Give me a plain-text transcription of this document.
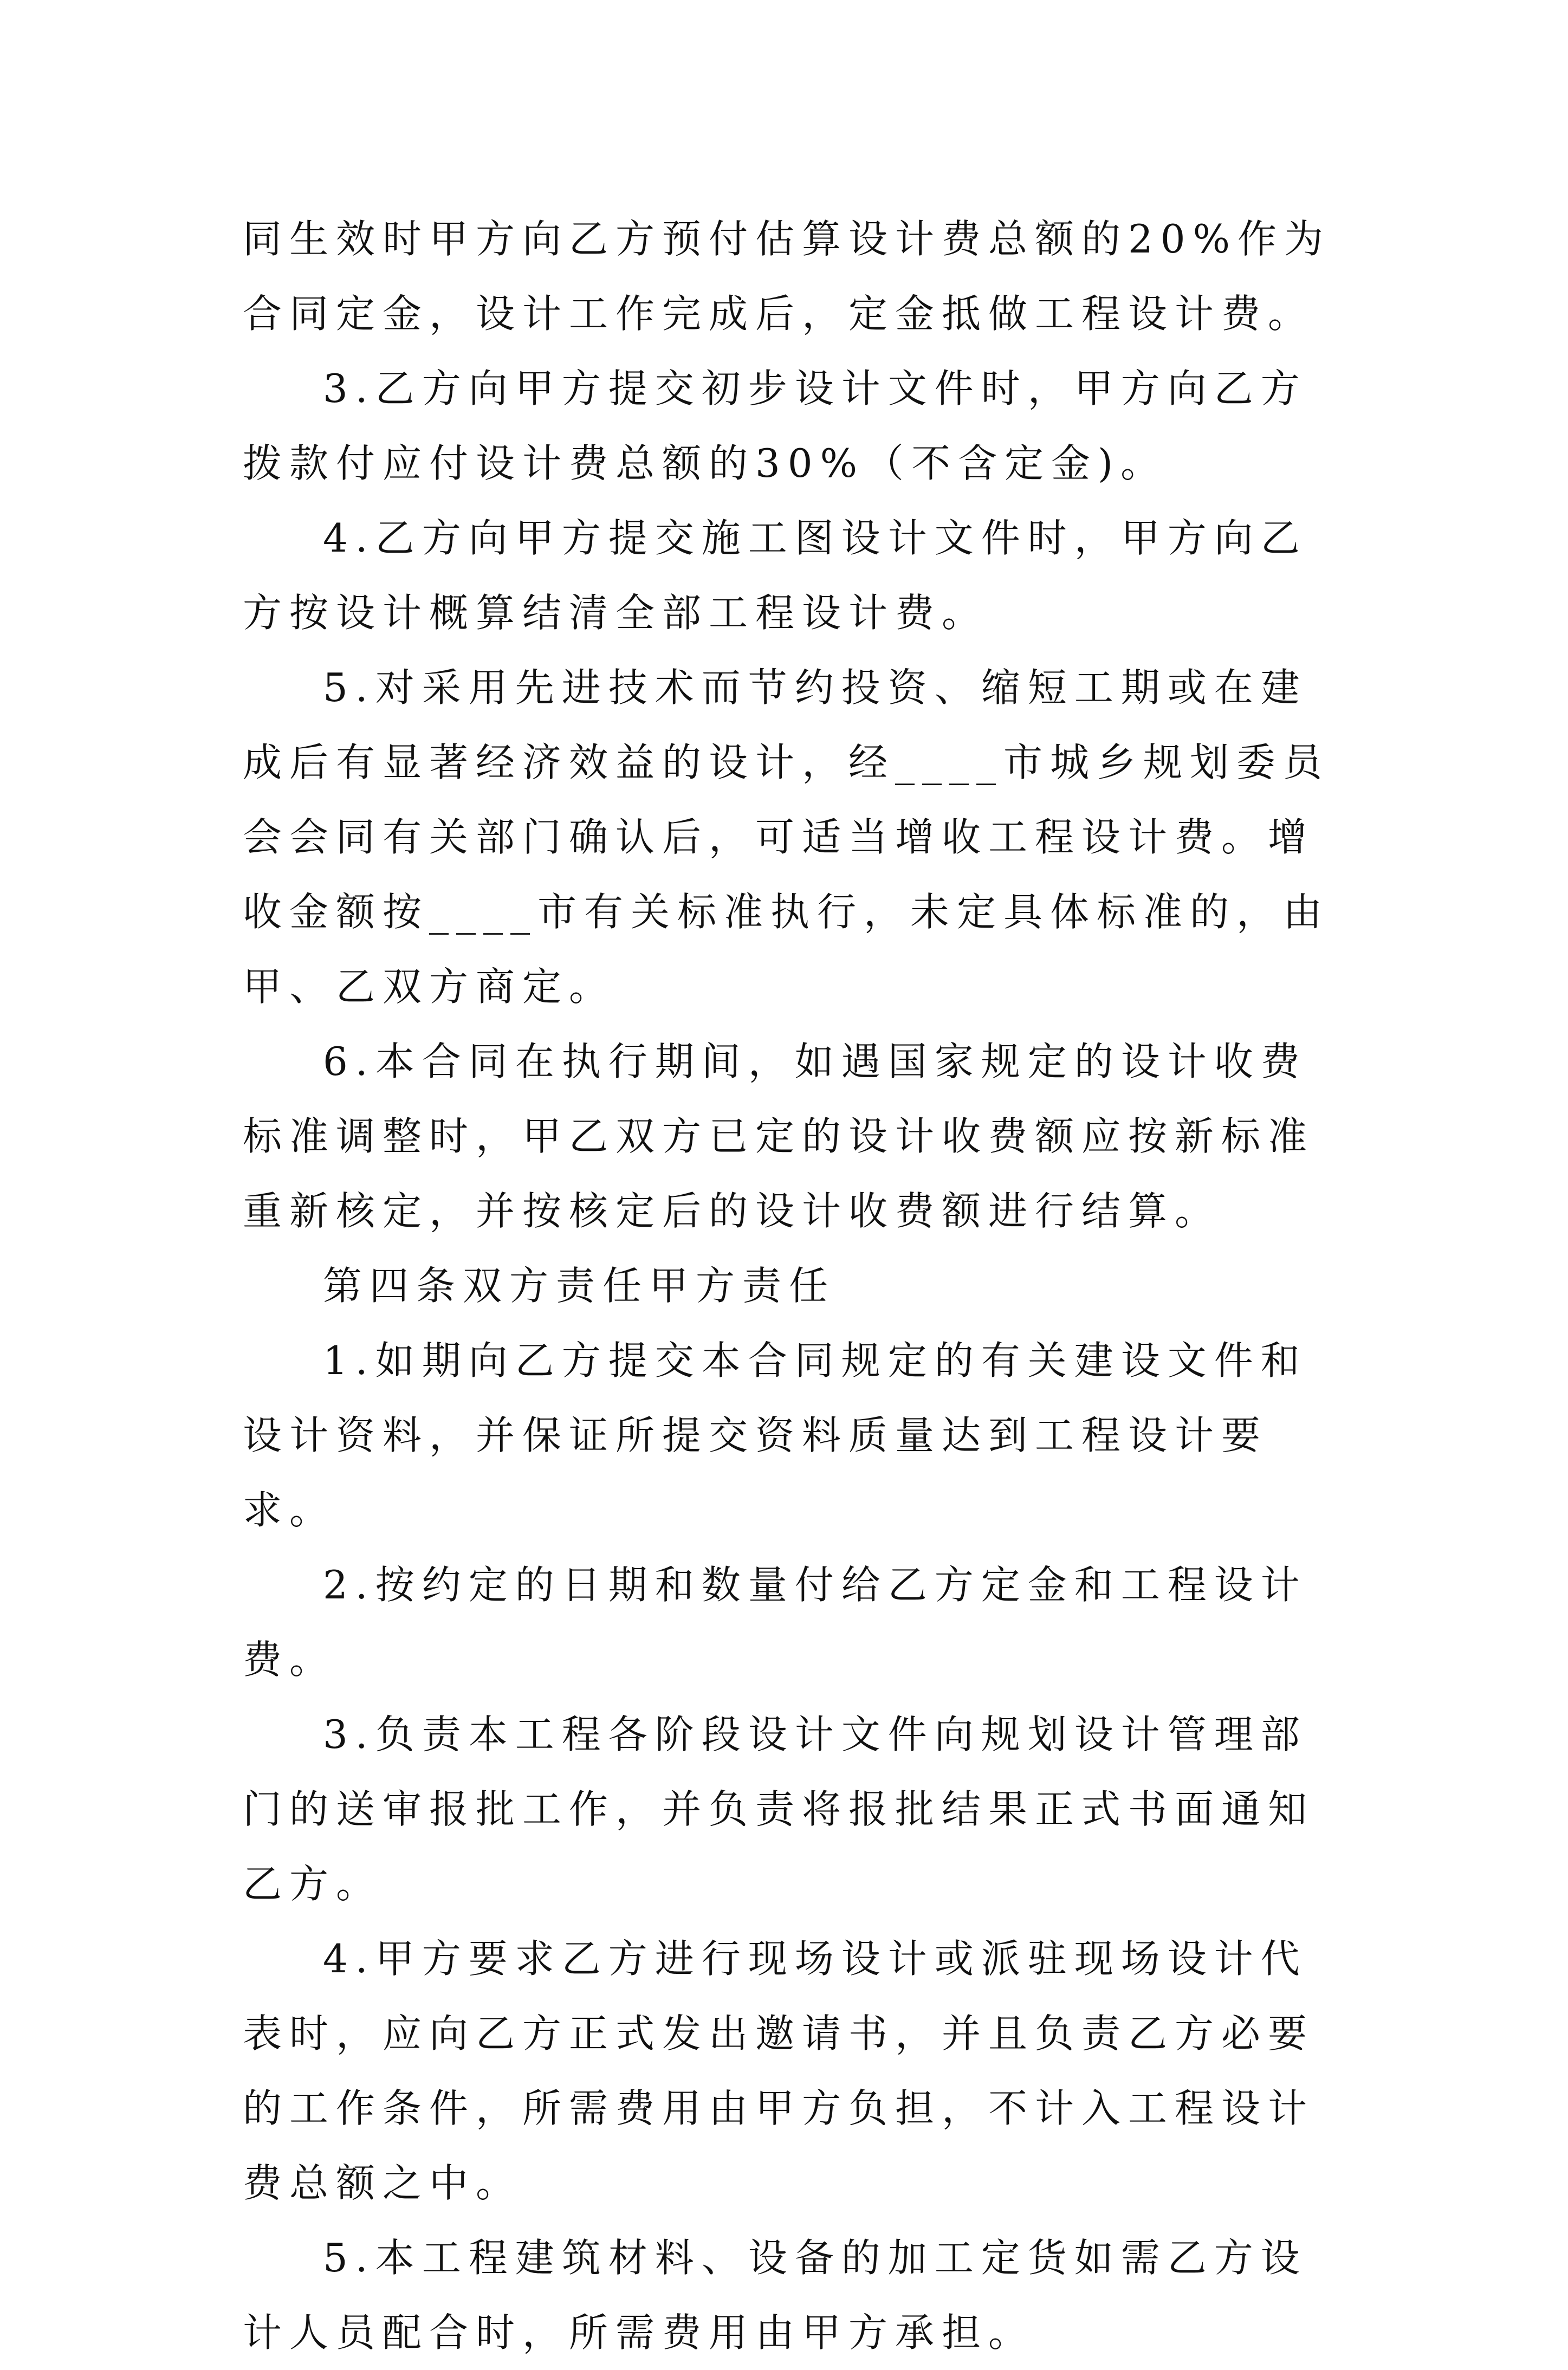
同生效时甲方向乙方预付估算设计费总额的20%作为合同定金，设计工作完成后，定金抵做工程设计费。

3.乙方向甲方提交初步设计文件时，甲方向乙方拨款付应付设计费总额的30%（不含定金)。

4.乙方向甲方提交施工图设计文件时，甲方向乙方按设计概算结清全部工程设计费。

5.对采用先进技术而节约投资、缩短工期或在建成后有显著经济效益的设计，经____市城乡规划委员会会同有关部门确认后，可适当增收工程设计费。增收金额按____市有关标准执行，未定具体标准的，由甲、乙双方商定。

6.本合同在执行期间，如遇国家规定的设计收费标准调整时，甲乙双方已定的设计收费额应按新标准重新核定，并按核定后的设计收费额进行结算。

第四条双方责任甲方责任

1.如期向乙方提交本合同规定的有关建设文件和设计资料，并保证所提交资料质量达到工程设计要求。

2.按约定的日期和数量付给乙方定金和工程设计费。

3.负责本工程各阶段设计文件向规划设计管理部门的送审报批工作，并负责将报批结果正式书面通知乙方。

4.甲方要求乙方进行现场设计或派驻现场设计代表时，应向乙方正式发出邀请书，并且负责乙方必要的工作条件，所需费用由甲方负担，不计入工程设计费总额之中。

5.本工程建筑材料、设备的加工定货如需乙方设计人员配合时，所需费用由甲方承担。
